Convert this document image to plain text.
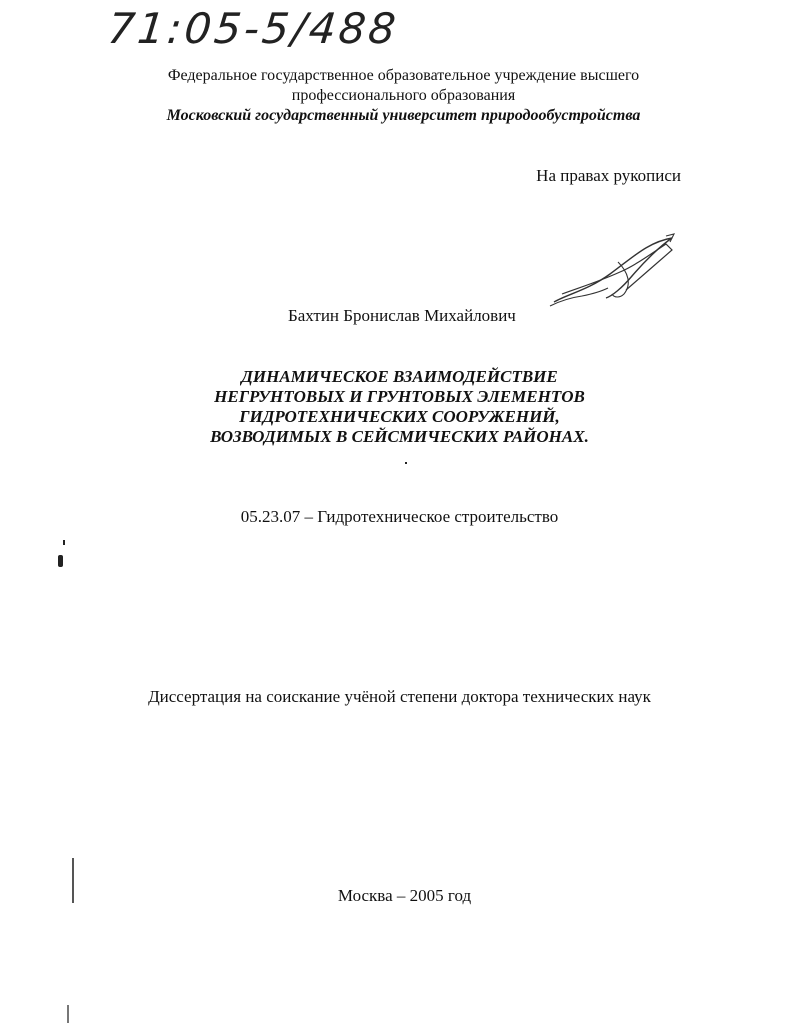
71:05-5/488
Федеральное государственное образовательное учреждение высшего
профессионального образования
Московский государственный университет природообустройства
На правах рукописи
Бахтин Бронислав Михайлович
ДИНАМИЧЕСКОЕ ВЗАИМОДЕЙСТВИЕ
НЕГРУНТОВЫХ И ГРУНТОВЫХ ЭЛЕМЕНТОВ
ГИДРОТЕХНИЧЕСКИХ СООРУЖЕНИЙ,
ВОЗВОДИМЫХ В СЕЙСМИЧЕСКИХ РАЙОНАХ.
05.23.07 – Гидротехническое строительство
Диссертация на соискание учёной степени доктора технических наук
Москва – 2005 год
